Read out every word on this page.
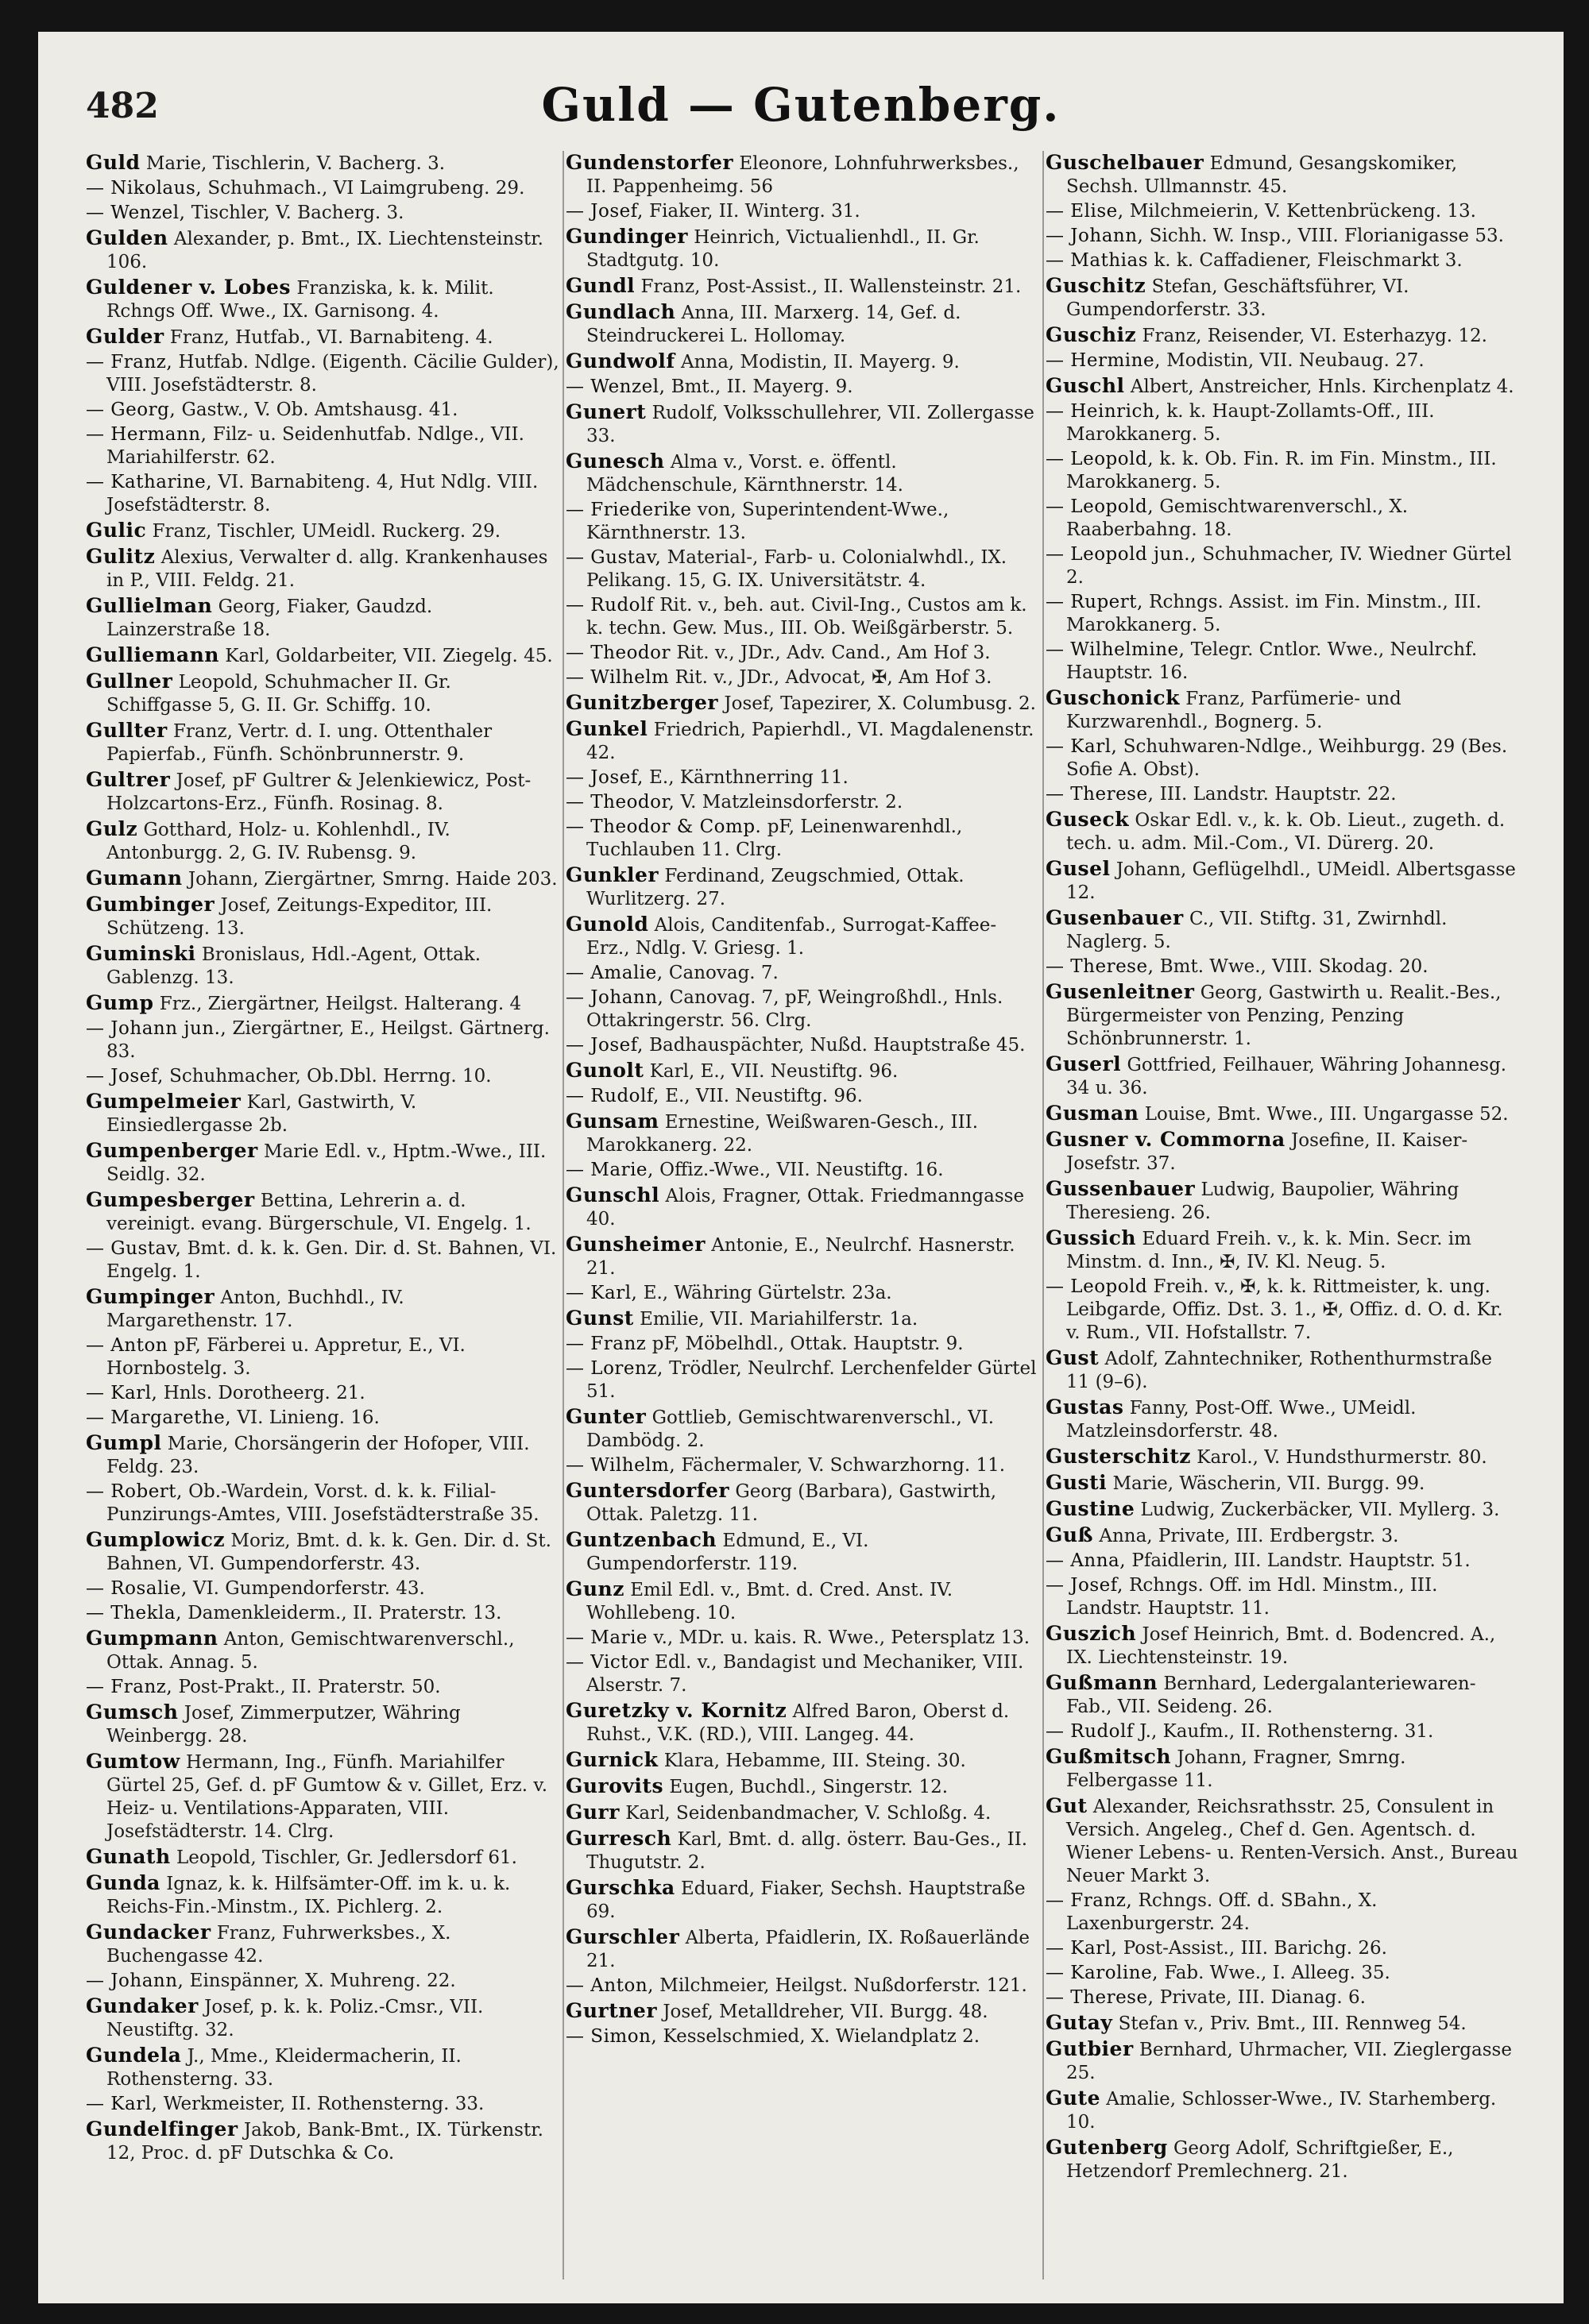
482	Guld — Gutenberg.
Guld Marie, Tischlerin, V. Bacherg. 3.
— Nikolaus, Schuhmach., VI Laimgrubeng. 29.
— Wenzel, Tischler, V. Bacherg. 3.
Gulden Alexander, p. Bmt., IX. Liechtensteinstr. 106.
Guldener v. Lobes Franziska, k. k. Milit. Rchngs Off. Wwe., IX. Garnisong. 4.
Gulder Franz, Hutfab., VI. Barnabiteng. 4.
— Franz, Hutfab. Ndlge. (Eigenth. Cäcilie Gulder), VIII. Josefstädterstr. 8.
— Georg, Gastw., V. Ob. Amtshausg. 41.
— Hermann, Filz- u. Seidenhutfab. Ndlge., VII. Mariahilferstr. 62.
— Katharine, VI. Barnabiteng. 4, Hut Ndlg. VIII. Josefstädterstr. 8.
Gulic Franz, Tischler, UMeidl. Ruckerg. 29.
Gulitz Alexius, Verwalter d. allg. Krankenhauses in P., VIII. Feldg. 21.
Gullielman Georg, Fiaker, Gaudzd. Lainzerstraße 18.
Gulliemann Karl, Goldarbeiter, VII. Ziegelg. 45.
Gullner Leopold, Schuhmacher II. Gr. Schiffgasse 5, G. II. Gr. Schiffg. 10.
Gullter Franz, Vertr. d. I. ung. Ottenthaler Papierfab., Fünfh. Schönbrunnerstr. 9.
Gultrer Josef, pF Gultrer & Jelenkiewicz, Post-Holzcartons-Erz., Fünfh. Rosinag. 8.
Gulz Gotthard, Holz- u. Kohlenhdl., IV. Antonburgg. 2, G. IV. Rubensg. 9.
Gumann Johann, Ziergärtner, Smrng. Haide 203.
Gumbinger Josef, Zeitungs-Expeditor, III. Schützeng. 13.
Guminski Bronislaus, Hdl.-Agent, Ottak. Gablenzg. 13.
Gump Frz., Ziergärtner, Heilgst. Halterang. 4
— Johann jun., Ziergärtner, E., Heilgst. Gärtnerg. 83.
— Josef, Schuhmacher, Ob.Dbl. Herrng. 10.
Gumpelmeier Karl, Gastwirth, V. Einsiedlergasse 2b.
Gumpenberger Marie Edl. v., Hptm.-Wwe., III. Seidlg. 32.
Gumpesberger Bettina, Lehrerin a. d. vereinigt. evang. Bürgerschule, VI. Engelg. 1.
— Gustav, Bmt. d. k. k. Gen. Dir. d. St. Bahnen, VI. Engelg. 1.
Gumpinger Anton, Buchhdl., IV. Margarethenstr. 17.
— Anton pF, Färberei u. Appretur, E., VI. Hornbostelg. 3.
— Karl, Hnls. Dorotheerg. 21.
— Margarethe, VI. Linieng. 16.
Gumpl Marie, Chorsängerin der Hofoper, VIII. Feldg. 23.
— Robert, Ob.-Wardein, Vorst. d. k. k. Filial-Punzirungs-Amtes, VIII. Josefstädterstraße 35.
Gumplowicz Moriz, Bmt. d. k. k. Gen. Dir. d. St. Bahnen, VI. Gumpendorferstr. 43.
— Rosalie, VI. Gumpendorferstr. 43.
— Thekla, Damenkleiderm., II. Praterstr. 13.
Gumpmann Anton, Gemischtwarenverschl., Ottak. Annag. 5.
— Franz, Post-Prakt., II. Praterstr. 50.
Gumsch Josef, Zimmerputzer, Währing Weinbergg. 28.
Gumtow Hermann, Ing., Fünfh. Mariahilfer Gürtel 25, Gef. d. pF Gumtow & v. Gillet, Erz. v. Heiz- u. Ventilations-Apparaten, VIII. Josefstädterstr. 14. Clrg.
Gunath Leopold, Tischler, Gr. Jedlersdorf 61.
Gunda Ignaz, k. k. Hilfsämter-Off. im k. u. k. Reichs-Fin.-Minstm., IX. Pichlerg. 2.
Gundacker Franz, Fuhrwerksbes., X. Buchengasse 42.
— Johann, Einspänner, X. Muhreng. 22.
Gundaker Josef, p. k. k. Poliz.-Cmsr., VII. Neustiftg. 32.
Gundela J., Mme., Kleidermacherin, II. Rothensterng. 33.
— Karl, Werkmeister, II. Rothensterng. 33.
Gundelfinger Jakob, Bank-Bmt., IX. Türkenstr. 12, Proc. d. pF Dutschka & Co.
Gundenstorfer Eleonore, Lohnfuhrwerksbes., II. Pappenheimg. 56
— Josef, Fiaker, II. Winterg. 31.
Gundinger Heinrich, Victualienhdl., II. Gr. Stadtgutg. 10.
Gundl Franz, Post-Assist., II. Wallensteinstr. 21.
Gundlach Anna, III. Marxerg. 14, Gef. d. Steindruckerei L. Hollomay.
Gundwolf Anna, Modistin, II. Mayerg. 9.
— Wenzel, Bmt., II. Mayerg. 9.
Gunert Rudolf, Volksschullehrer, VII. Zollergasse 33.
Gunesch Alma v., Vorst. e. öffentl. Mädchenschule, Kärnthnerstr. 14.
— Friederike von, Superintendent-Wwe., Kärnthnerstr. 13.
— Gustav, Material-, Farb- u. Colonialwhdl., IX. Pelikang. 15, G. IX. Universitätstr. 4.
— Rudolf Rit. v., beh. aut. Civil-Ing., Custos am k. k. techn. Gew. Mus., III. Ob. Weißgärberstr. 5.
— Theodor Rit. v., JDr., Adv. Cand., Am Hof 3.
— Wilhelm Rit. v., JDr., Advocat, ✠, Am Hof 3.
Gunitzberger Josef, Tapezirer, X. Columbusg. 2.
Gunkel Friedrich, Papierhdl., VI. Magdalenenstr. 42.
— Josef, E., Kärnthnerring 11.
— Theodor, V. Matzleinsdorferstr. 2.
— Theodor & Comp. pF, Leinenwarenhdl., Tuchlauben 11. Clrg.
Gunkler Ferdinand, Zeugschmied, Ottak. Wurlitzerg. 27.
Gunold Alois, Canditenfab., Surrogat-Kaffee-Erz., Ndlg. V. Griesg. 1.
— Amalie, Canovag. 7.
— Johann, Canovag. 7, pF, Weingroßhdl., Hnls. Ottakringerstr. 56. Clrg.
— Josef, Badhauspächter, Nußd. Hauptstraße 45.
Gunolt Karl, E., VII. Neustiftg. 96.
— Rudolf, E., VII. Neustiftg. 96.
Gunsam Ernestine, Weißwaren-Gesch., III. Marokkanerg. 22.
— Marie, Offiz.-Wwe., VII. Neustiftg. 16.
Gunschl Alois, Fragner, Ottak. Friedmanngasse 40.
Gunsheimer Antonie, E., Neulrchf. Hasnerstr. 21.
— Karl, E., Währing Gürtelstr. 23a.
Gunst Emilie, VII. Mariahilferstr. 1a.
— Franz pF, Möbelhdl., Ottak. Hauptstr. 9.
— Lorenz, Trödler, Neulrchf. Lerchenfelder Gürtel 51.
Gunter Gottlieb, Gemischtwarenverschl., VI. Dambödg. 2.
— Wilhelm, Fächermaler, V. Schwarzhorng. 11.
Guntersdorfer Georg (Barbara), Gastwirth, Ottak. Paletzg. 11.
Guntzenbach Edmund, E., VI. Gumpendorferstr. 119.
Gunz Emil Edl. v., Bmt. d. Cred. Anst. IV. Wohllebeng. 10.
— Marie v., MDr. u. kais. R. Wwe., Petersplatz 13.
— Victor Edl. v., Bandagist und Mechaniker, VIII. Alserstr. 7.
Guretzky v. Kornitz Alfred Baron, Oberst d. Ruhst., V.K. (RD.), VIII. Langeg. 44.
Gurnick Klara, Hebamme, III. Steing. 30.
Gurovits Eugen, Buchdl., Singerstr. 12.
Gurr Karl, Seidenbandmacher, V. Schloßg. 4.
Gurresch Karl, Bmt. d. allg. österr. Bau-Ges., II. Thugutstr. 2.
Gurschka Eduard, Fiaker, Sechsh. Hauptstraße 69.
Gurschler Alberta, Pfaidlerin, IX. Roßauerlände 21.
— Anton, Milchmeier, Heilgst. Nußdorferstr. 121.
Gurtner Josef, Metalldreher, VII. Burgg. 48.
— Simon, Kesselschmied, X. Wielandplatz 2.
Guschelbauer Edmund, Gesangskomiker, Sechsh. Ullmannstr. 45.
— Elise, Milchmeierin, V. Kettenbrückeng. 13.
— Johann, Sichh. W. Insp., VIII. Florianigasse 53.
— Mathias k. k. Caffadiener, Fleischmarkt 3.
Guschitz Stefan, Geschäftsführer, VI. Gumpendorferstr. 33.
Guschiz Franz, Reisender, VI. Esterhazyg. 12.
— Hermine, Modistin, VII. Neubaug. 27.
Guschl Albert, Anstreicher, Hnls. Kirchenplatz 4.
— Heinrich, k. k. Haupt-Zollamts-Off., III. Marokkanerg. 5.
— Leopold, k. k. Ob. Fin. R. im Fin. Minstm., III. Marokkanerg. 5.
— Leopold, Gemischtwarenverschl., X. Raaberbahng. 18.
— Leopold jun., Schuhmacher, IV. Wiedner Gürtel 2.
— Rupert, Rchngs. Assist. im Fin. Minstm., III. Marokkanerg. 5.
— Wilhelmine, Telegr. Cntlor. Wwe., Neulrchf. Hauptstr. 16.
Guschonick Franz, Parfümerie- und Kurzwarenhdl., Bognerg. 5.
— Karl, Schuhwaren-Ndlge., Weihburgg. 29 (Bes. Sofie A. Obst).
— Therese, III. Landstr. Hauptstr. 22.
Guseck Oskar Edl. v., k. k. Ob. Lieut., zugeth. d. tech. u. adm. Mil.-Com., VI. Dürerg. 20.
Gusel Johann, Geflügelhdl., UMeidl. Albertsgasse 12.
Gusenbauer C., VII. Stiftg. 31, Zwirnhdl. Naglerg. 5.
— Therese, Bmt. Wwe., VIII. Skodag. 20.
Gusenleitner Georg, Gastwirth u. Realit.-Bes., Bürgermeister von Penzing, Penzing Schönbrunnerstr. 1.
Guserl Gottfried, Feilhauer, Währing Johannesg. 34 u. 36.
Gusman Louise, Bmt. Wwe., III. Ungargasse 52.
Gusner v. Commorna Josefine, II. Kaiser-Josefstr. 37.
Gussenbauer Ludwig, Baupolier, Währing Theresieng. 26.
Gussich Eduard Freih. v., k. k. Min. Secr. im Minstm. d. Inn., ✠, IV. Kl. Neug. 5.
— Leopold Freih. v., ✠, k. k. Rittmeister, k. ung. Leibgarde, Offiz. Dst. 3. 1., ✠, Offiz. d. O. d. Kr. v. Rum., VII. Hofstallstr. 7.
Gust Adolf, Zahntechniker, Rothenthurmstraße 11 (9–6).
Gustas Fanny, Post-Off. Wwe., UMeidl. Matzleinsdorferstr. 48.
Gusterschitz Karol., V. Hundsthurmerstr. 80.
Gusti Marie, Wäscherin, VII. Burgg. 99.
Gustine Ludwig, Zuckerbäcker, VII. Myllerg. 3.
Guß Anna, Private, III. Erdbergstr. 3.
— Anna, Pfaidlerin, III. Landstr. Hauptstr. 51.
— Josef, Rchngs. Off. im Hdl. Minstm., III. Landstr. Hauptstr. 11.
Guszich Josef Heinrich, Bmt. d. Bodencred. A., IX. Liechtensteinstr. 19.
Gußmann Bernhard, Ledergalanteriewaren-Fab., VII. Seideng. 26.
— Rudolf J., Kaufm., II. Rothensterng. 31.
Gußmitsch Johann, Fragner, Smrng. Felbergasse 11.
Gut Alexander, Reichsrathsstr. 25, Consulent in Versich. Angeleg., Chef d. Gen. Agentsch. d. Wiener Lebens- u. Renten-Versich. Anst., Bureau Neuer Markt 3.
— Franz, Rchngs. Off. d. SBahn., X. Laxenburgerstr. 24.
— Karl, Post-Assist., III. Barichg. 26.
— Karoline, Fab. Wwe., I. Alleeg. 35.
— Therese, Private, III. Dianag. 6.
Gutay Stefan v., Priv. Bmt., III. Rennweg 54.
Gutbier Bernhard, Uhrmacher, VII. Zieglergasse 25.
Gute Amalie, Schlosser-Wwe., IV. Starhemberg. 10.
Gutenberg Georg Adolf, Schriftgießer, E., Hetzendorf Premlechnerg. 21.
